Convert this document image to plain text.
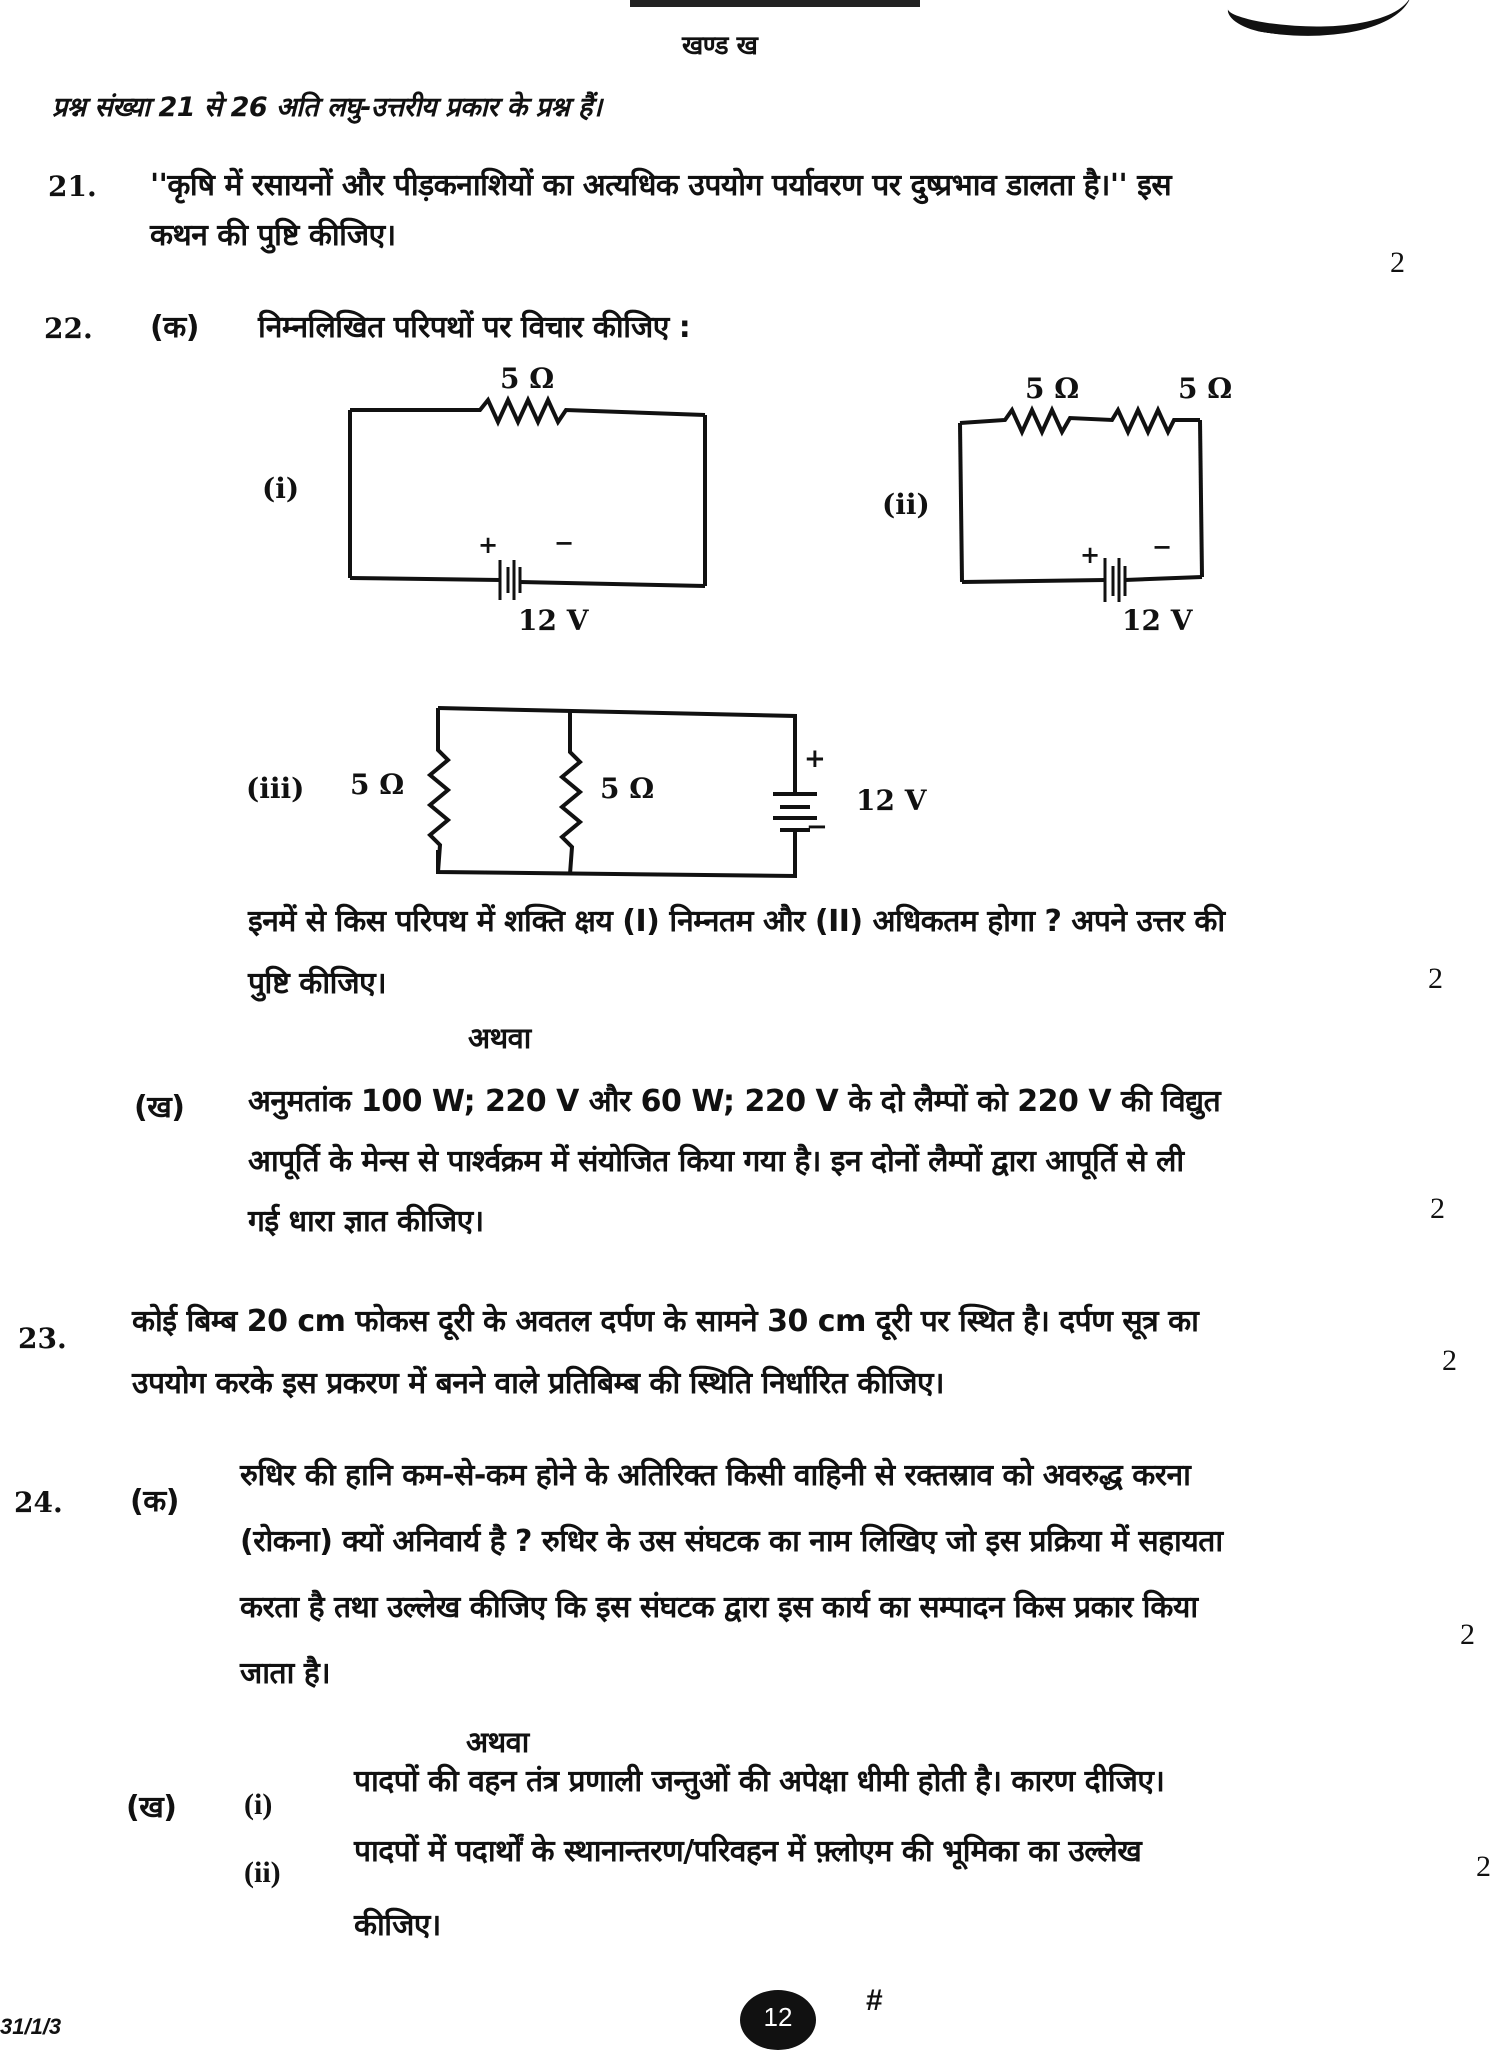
खण्ड ख
प्रश्न संख्या 21 से 26 अति लघु-उत्तरीय प्रकार के प्रश्न हैं।
21. ''कृषि में रसायनों और पीड़कनाशियों का अत्यधिक उपयोग पर्यावरण पर दुष्प्रभाव डालता है।'' इस
कथन की पुष्टि कीजिए।
2
22. (क) निम्नलिखित परिपथों पर विचार कीजिए :
(i)
5 Ω
+ −
12 V
(ii)
5 Ω	5 Ω
+ −
12 V
(iii) 5 Ω	5 Ω
+
−
12 V
इनमें से किस परिपथ में शक्ति क्षय (I) निम्नतम और (II) अधिकतम होगा ? अपने उत्तर की
पुष्टि कीजिए।	2
अथवा
(ख) अनुमतांक 100 W; 220 V और 60 W; 220 V के दो लैम्पों को 220 V की विद्युत
आपूर्ति के मेन्स से पार्श्वक्रम में संयोजित किया गया है। इन दोनों लैम्पों द्वारा आपूर्ति से ली
गई धारा ज्ञात कीजिए।	2
23. कोई बिम्ब 20 cm फोकस दूरी के अवतल दर्पण के सामने 30 cm दूरी पर स्थित है। दर्पण सूत्र का
उपयोग करके इस प्रकरण में बनने वाले प्रतिबिम्ब की स्थिति निर्धारित कीजिए।
2
24. (क)
रुधिर की हानि कम-से-कम होने के अतिरिक्त किसी वाहिनी से रक्तस्राव को अवरुद्ध करना
(रोकना) क्यों अनिवार्य है ? रुधिर के उस संघटक का नाम लिखिए जो इस प्रक्रिया में सहायता
करता है तथा उल्लेख कीजिए कि इस संघटक द्वारा इस कार्य का सम्पादन किस प्रकार किया
जाता है।
2
अथवा
(ख) (i)
पादपों की वहन तंत्र प्रणाली जन्तुओं की अपेक्षा धीमी होती है। कारण दीजिए।
(ii)
पादपों में पदार्थों के स्थानान्तरण/परिवहन में फ़्लोएम की भूमिका का उल्लेख
कीजिए।
2
12	#
31/1/3
